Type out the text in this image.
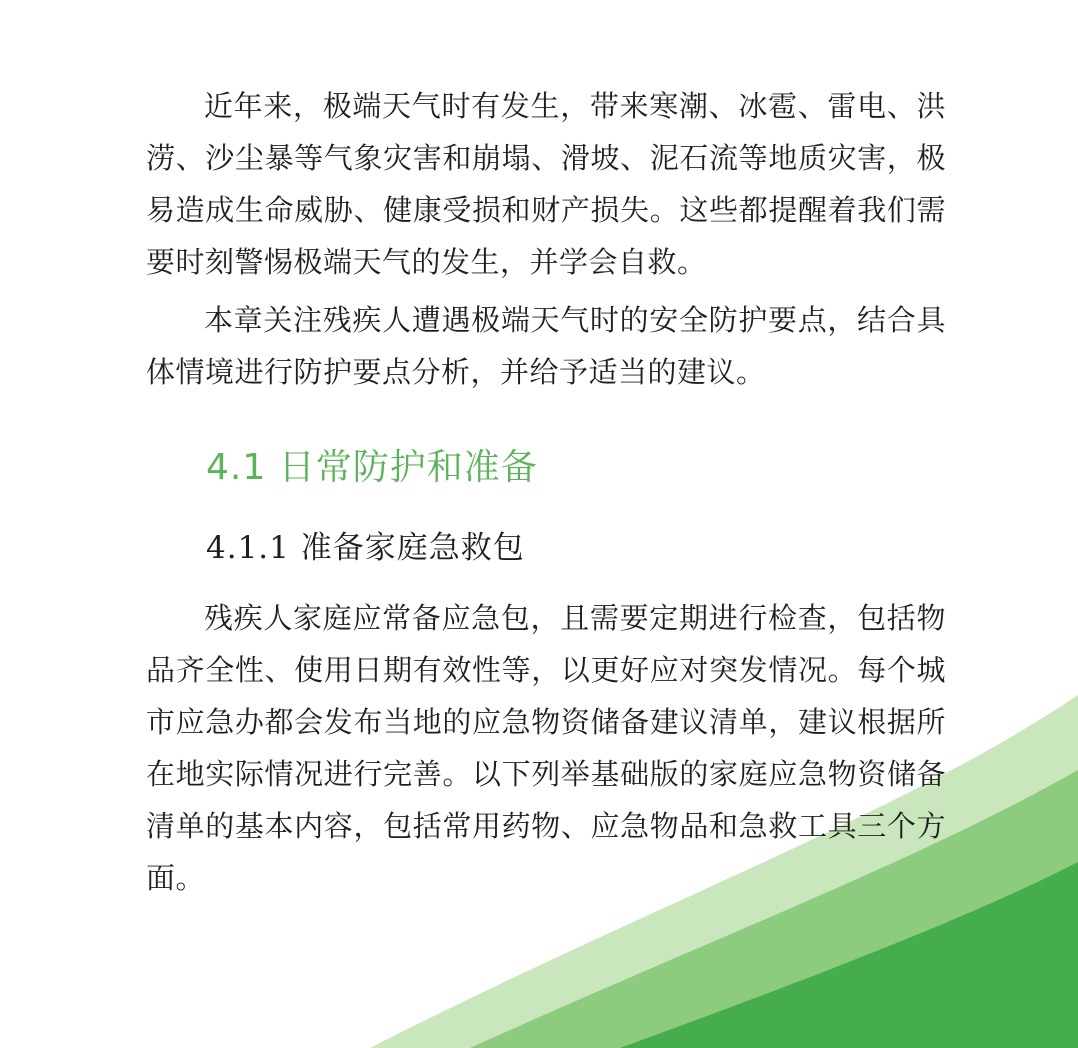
近年来，极端天气时有发生，带来寒潮、冰雹、雷电、洪涝、沙尘暴等气象灾害和崩塌、滑坡、泥石流等地质灾害，极易造成生命威胁、健康受损和财产损失。这些都提醒着我们需要时刻警惕极端天气的发生，并学会自救。

本章关注残疾人遭遇极端天气时的安全防护要点，结合具体情境进行防护要点分析，并给予适当的建议。

4.1 日常防护和准备
4.1.1 准备家庭急救包

残疾人家庭应常备应急包，且需要定期进行检查，包括物品齐全性、使用日期有效性等，以更好应对突发情况。每个城市应急办都会发布当地的应急物资储备建议清单，建议根据所在地实际情况进行完善。以下列举基础版的家庭应急物资储备清单的基本内容，包括常用药物、应急物品和急救工具三个方面。
